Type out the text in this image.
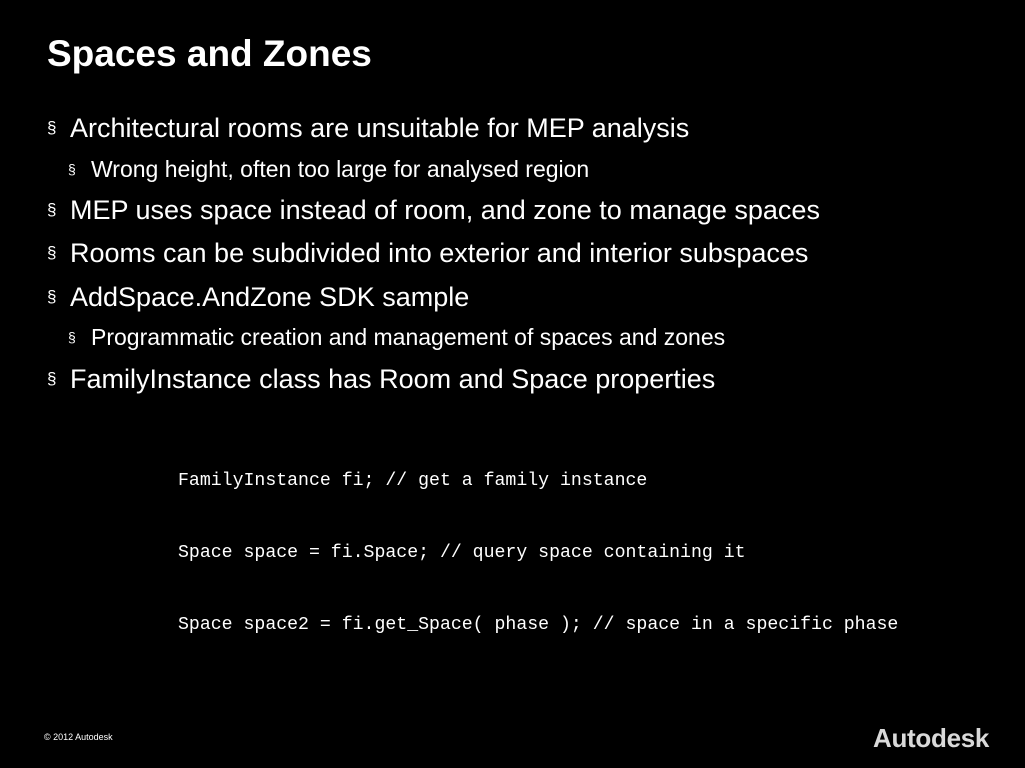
Spaces and Zones
§ Architectural rooms are unsuitable for MEP analysis
§ Wrong height, often too large for analysed region
§ MEP uses space instead of room, and zone to manage spaces
§ Rooms can be subdivided into exterior and interior subspaces
§ AddSpace.AndZone SDK sample
§ Programmatic creation and management of spaces and zones
§ FamilyInstance class has Room and Space properties

FamilyInstance fi; // get a family instance

Space space = fi.Space; // query space containing it

Space space2 = fi.get_Space( phase ); // space in a specific phase

© 2012 Autodesk	Autodesk
